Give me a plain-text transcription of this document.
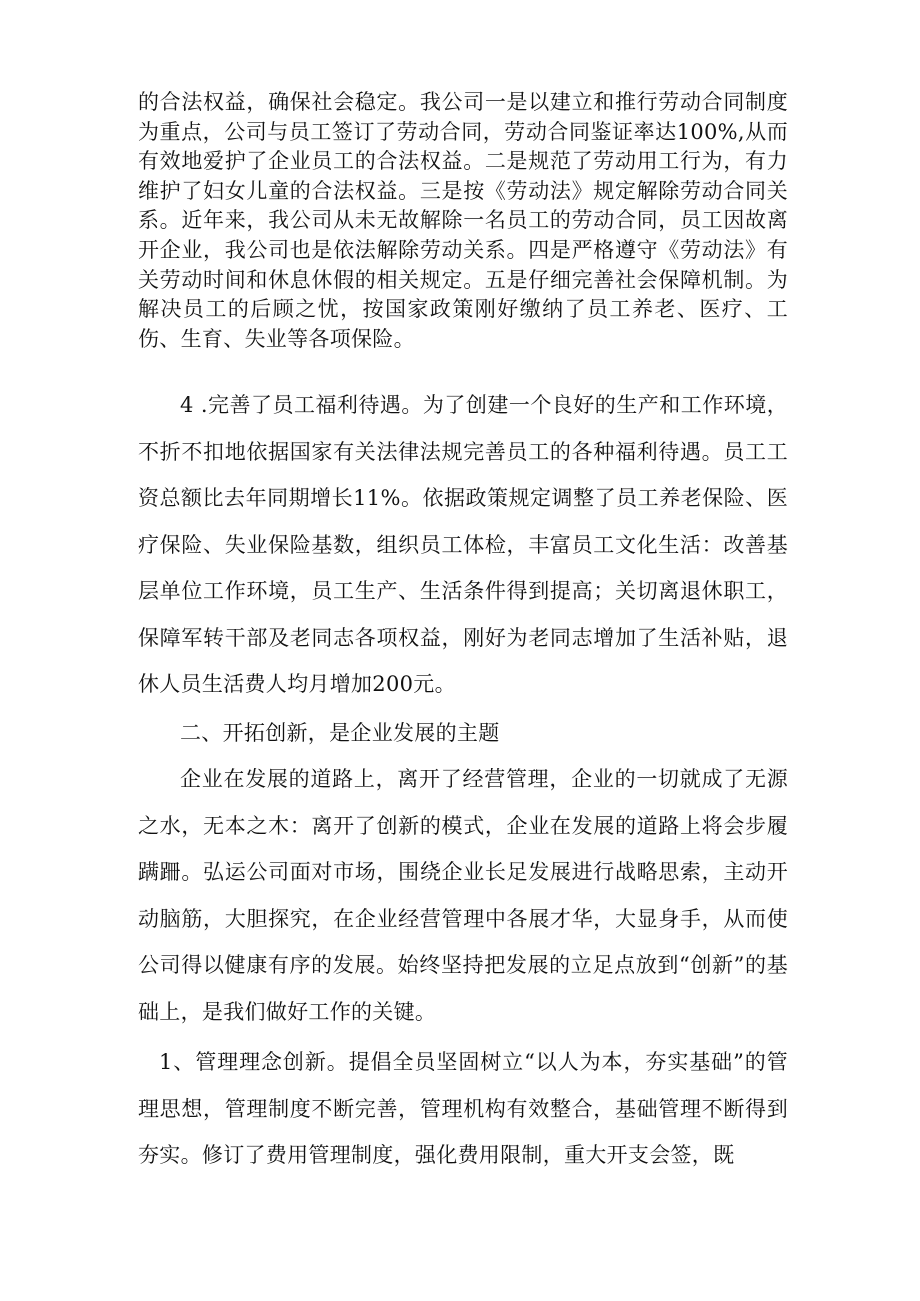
的合法权益，确保社会稳定。我公司一是以建立和推行劳动合同制度为重点，公司与员工签订了劳动合同，劳动合同鉴证率达100%,从而有效地爱护了企业员工的合法权益。二是规范了劳动用工行为，有力维护了妇女儿童的合法权益。三是按《劳动法》规定解除劳动合同关系。近年来，我公司从未无故解除一名员工的劳动合同，员工因故离开企业，我公司也是依法解除劳动关系。四是严格遵守《劳动法》有关劳动时间和休息休假的相关规定。五是仔细完善社会保障机制。为解决员工的后顾之忧，按国家政策刚好缴纳了员工养老、医疗、工伤、生育、失业等各项保险。

4 .完善了员工福利待遇。为了创建一个良好的生产和工作环境，不折不扣地依据国家有关法律法规完善员工的各种福利待遇。员工工资总额比去年同期增长11%。依据政策规定调整了员工养老保险、医疗保险、失业保险基数，组织员工体检，丰富员工文化生活：改善基层单位工作环境，员工生产、生活条件得到提高；关切离退休职工，保障军转干部及老同志各项权益，刚好为老同志增加了生活补贴，退休人员生活费人均月增加200元。

二、开拓创新，是企业发展的主题

企业在发展的道路上，离开了经营管理，企业的一切就成了无源之水，无本之木：离开了创新的模式，企业在发展的道路上将会步履蹒跚。弘运公司面对市场，围绕企业长足发展进行战略思索，主动开动脑筋，大胆探究，在企业经营管理中各展才华，大显身手，从而使公司得以健康有序的发展。始终坚持把发展的立足点放到“创新”的基础上，是我们做好工作的关键。

1、管理理念创新。提倡全员坚固树立“以人为本，夯实基础”的管理思想，管理制度不断完善，管理机构有效整合，基础管理不断得到夯实。修订了费用管理制度，强化费用限制，重大开支会签，既
